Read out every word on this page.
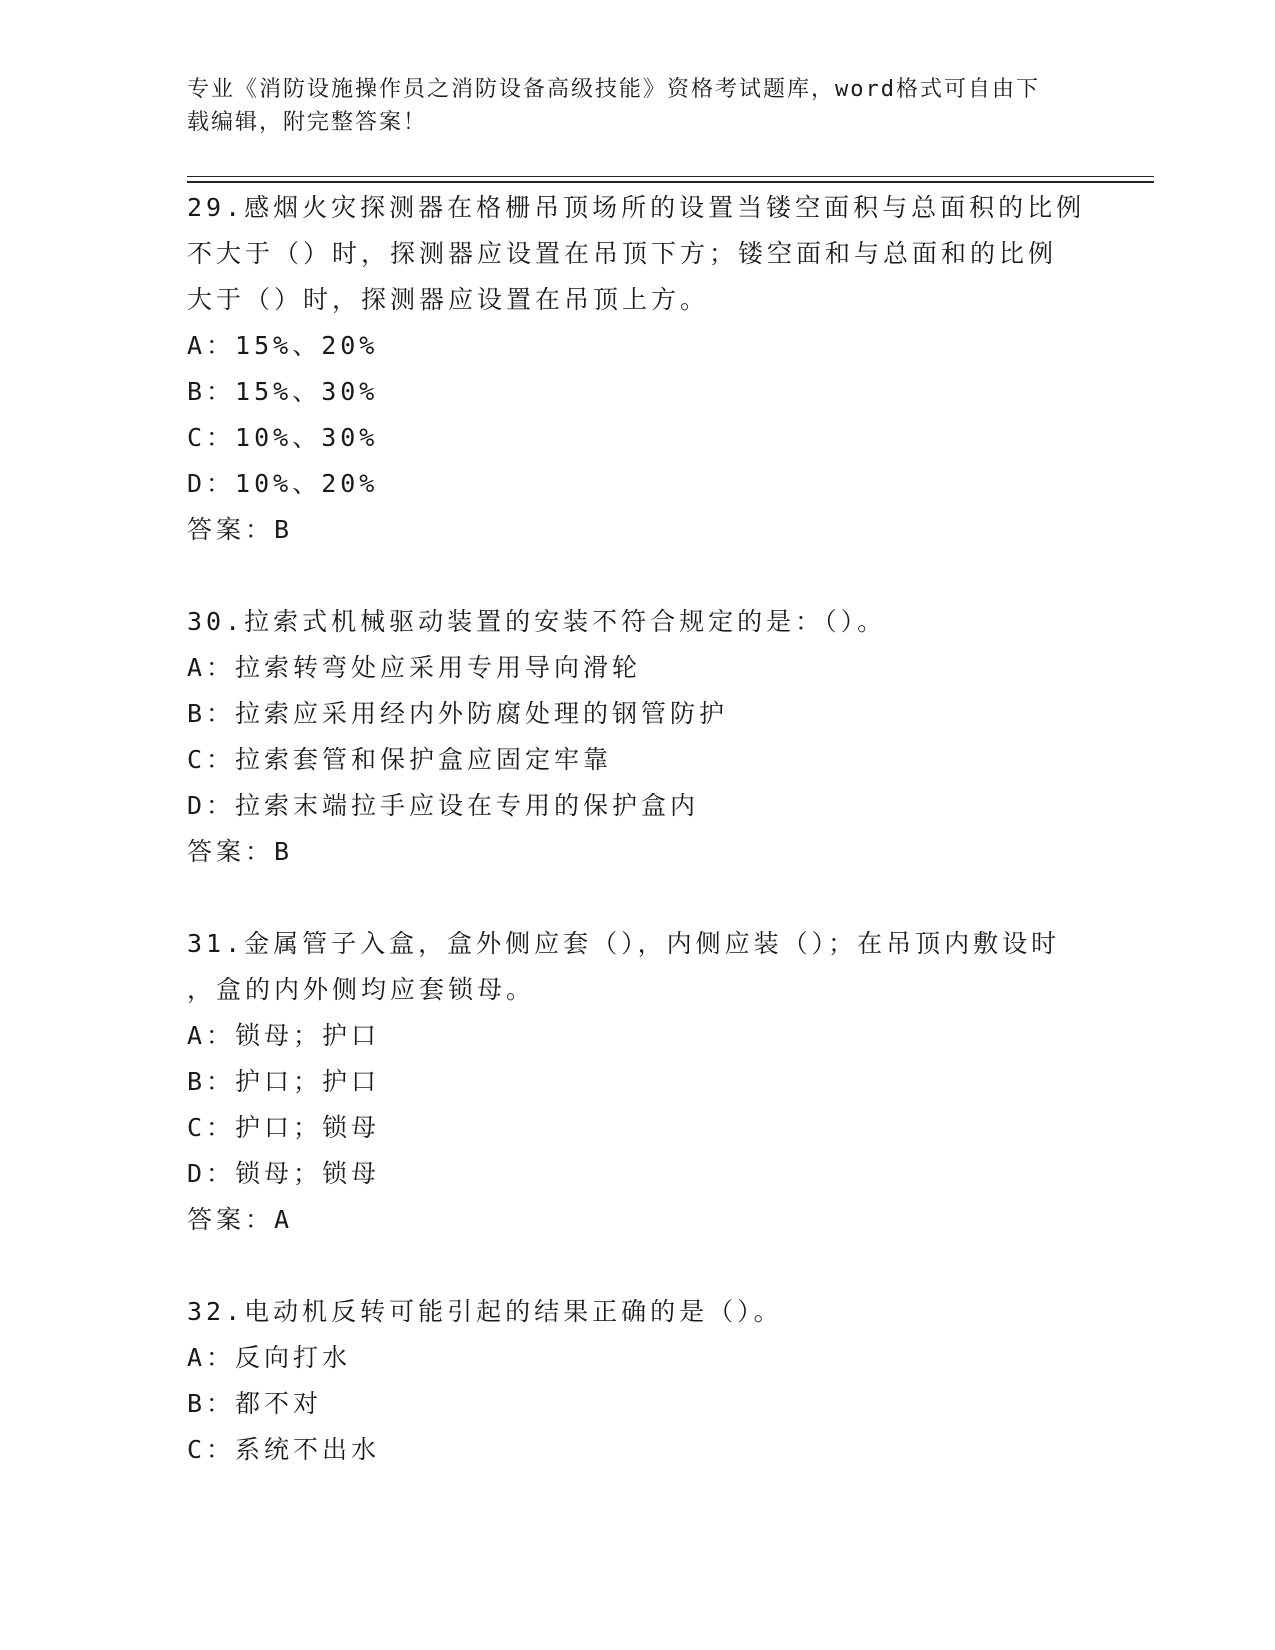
专业《消防设施操作员之消防设备高级技能》资格考试题库，word格式可自由下
载编辑，附完整答案！

29.感烟火灾探测器在格栅吊顶场所的设置当镂空面积与总面积的比例

不大于（）时，探测器应设置在吊顶下方；镂空面和与总面和的比例

大于（）时，探测器应设置在吊顶上方。

A：15%、20%

B：15%、30%

C：10%、30%

D：10%、20%

答案：B

30.拉索式机械驱动装置的安装不符合规定的是：（）。

A：拉索转弯处应采用专用导向滑轮

B：拉索应采用经内外防腐处理的钢管防护

C：拉索套管和保护盒应固定牢靠

D：拉索末端拉手应设在专用的保护盒内

答案：B

31.金属管子入盒，盒外侧应套（），内侧应装（）；在吊顶内敷设时

，盒的内外侧均应套锁母。

A：锁母；护口

B：护口；护口

C：护口；锁母

D：锁母；锁母

答案：A

32.电动机反转可能引起的结果正确的是（）。

A：反向打水

B：都不对

C：系统不出水
